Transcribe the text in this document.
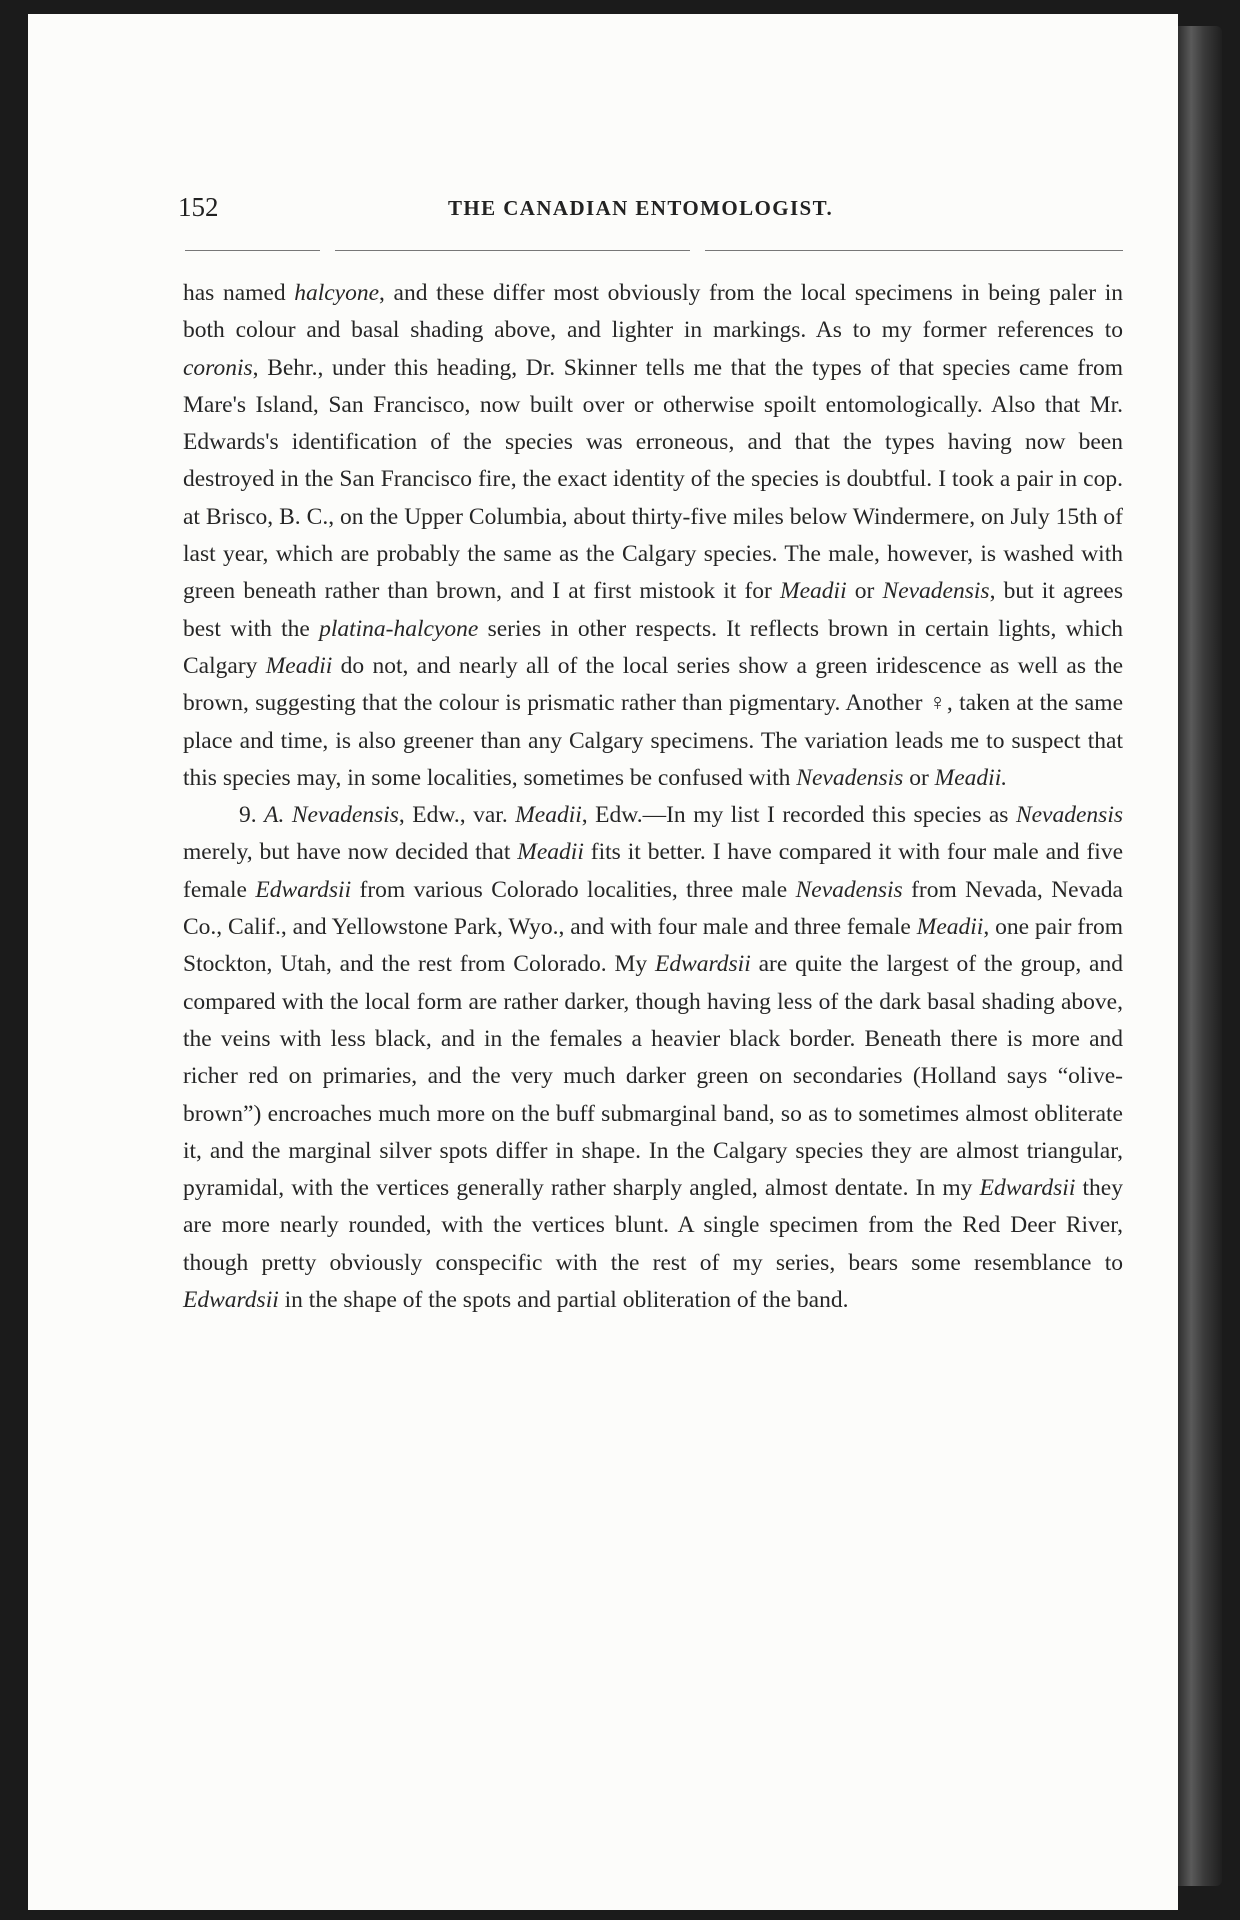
152	THE CANADIAN ENTOMOLOGIST.

has named halcyone, and these differ most obviously from the local specimens in being paler in both colour and basal shading above, and lighter in markings. As to my former references to coronis, Behr., under this heading, Dr. Skinner tells me that the types of that species came from Mare's Island, San Francisco, now built over or otherwise spoilt entomologically. Also that Mr. Edwards's identification of the species was erroneous, and that the types having now been destroyed in the San Francisco fire, the exact identity of the species is doubtful. I took a pair in cop. at Brisco, B. C., on the Upper Columbia, about thirty-five miles below Windermere, on July 15th of last year, which are probably the same as the Calgary species. The male, however, is washed with green beneath rather than brown, and I at first mistook it for Meadii or Nevadensis, but it agrees best with the platina-halcyone series in other respects. It reflects brown in certain lights, which Calgary Meadii do not, and nearly all of the local series show a green iridescence as well as the brown, suggesting that the colour is prismatic rather than pigmentary. Another ♀, taken at the same place and time, is also greener than any Calgary specimens. The variation leads me to suspect that this species may, in some localities, sometimes be confused with Nevadensis or Meadii.

9. A. Nevadensis, Edw., var. Meadii, Edw.—In my list I recorded this species as Nevadensis merely, but have now decided that Meadii fits it better. I have compared it with four male and five female Edwardsii from various Colorado localities, three male Nevadensis from Nevada, Nevada Co., Calif., and Yellowstone Park, Wyo., and with four male and three female Meadii, one pair from Stockton, Utah, and the rest from Colorado. My Edwardsii are quite the largest of the group, and compared with the local form are rather darker, though having less of the dark basal shading above, the veins with less black, and in the females a heavier black border. Beneath there is more and richer red on primaries, and the very much darker green on secondaries (Holland says “olive-brown”) encroaches much more on the buff submarginal band, so as to sometimes almost obliterate it, and the marginal silver spots differ in shape. In the Calgary species they are almost triangular, pyramidal, with the vertices generally rather sharply angled, almost dentate. In my Edwardsii they are more nearly rounded, with the vertices blunt. A single specimen from the Red Deer River, though pretty obviously conspecific with the rest of my series, bears some resemblance to Edwardsii in the shape of the spots and partial obliteration of the band.
